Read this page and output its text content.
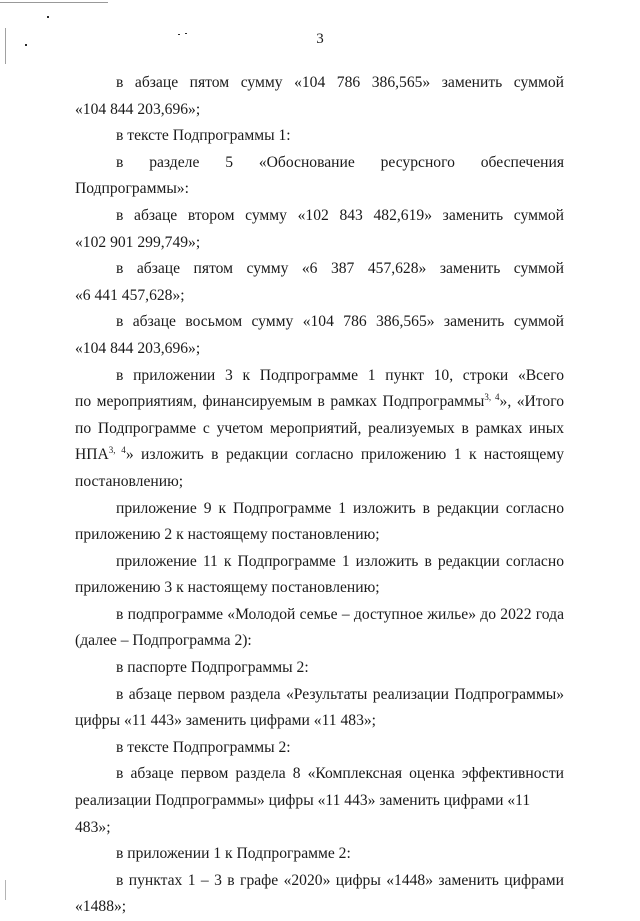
3

в абзаце пятом сумму «104 786 386,565» заменить суммой
«104 844 203,696»;

в тексте Подпрограммы 1:

в разделе 5 «Обоснование ресурсного обеспечения Подпрограммы»:

в абзаце втором сумму «102 843 482,619» заменить суммой
«102 901 299,749»;

в абзаце пятом сумму «6 387 457,628» заменить суммой
«6 441 457,628»;

в абзаце восьмом сумму «104 786 386,565» заменить суммой
«104 844 203,696»;

в приложении 3 к Подпрограмме 1 пункт 10, строки «Всего
по мероприятиям, финансируемым в рамках Подпрограммы$^{3, 4}$», «Итого
по Подпрограмме с учетом мероприятий, реализуемых в рамках иных
НПА$^{3, 4}$» изложить в редакции согласно приложению 1 к настоящему
постановлению;

приложение 9 к Подпрограмме 1 изложить в редакции согласно
приложению 2 к настоящему постановлению;

приложение 11 к Подпрограмме 1 изложить в редакции согласно
приложению 3 к настоящему постановлению;

в подпрограмме «Молодой семье – доступное жилье» до 2022 года
(далее – Подпрограмма 2):

в паспорте Подпрограммы 2:

в абзаце первом раздела «Результаты реализации Подпрограммы»
цифры «11 443» заменить цифрами «11 483»;

в тексте Подпрограммы 2:

в абзаце первом раздела 8 «Комплексная оценка эффективности
реализации Подпрограммы» цифры «11 443» заменить цифрами «11 483»;

в приложении 1 к Подпрограмме 2:

в пунктах 1 – 3 в графе «2020» цифры «1448» заменить цифрами
«1488»;
